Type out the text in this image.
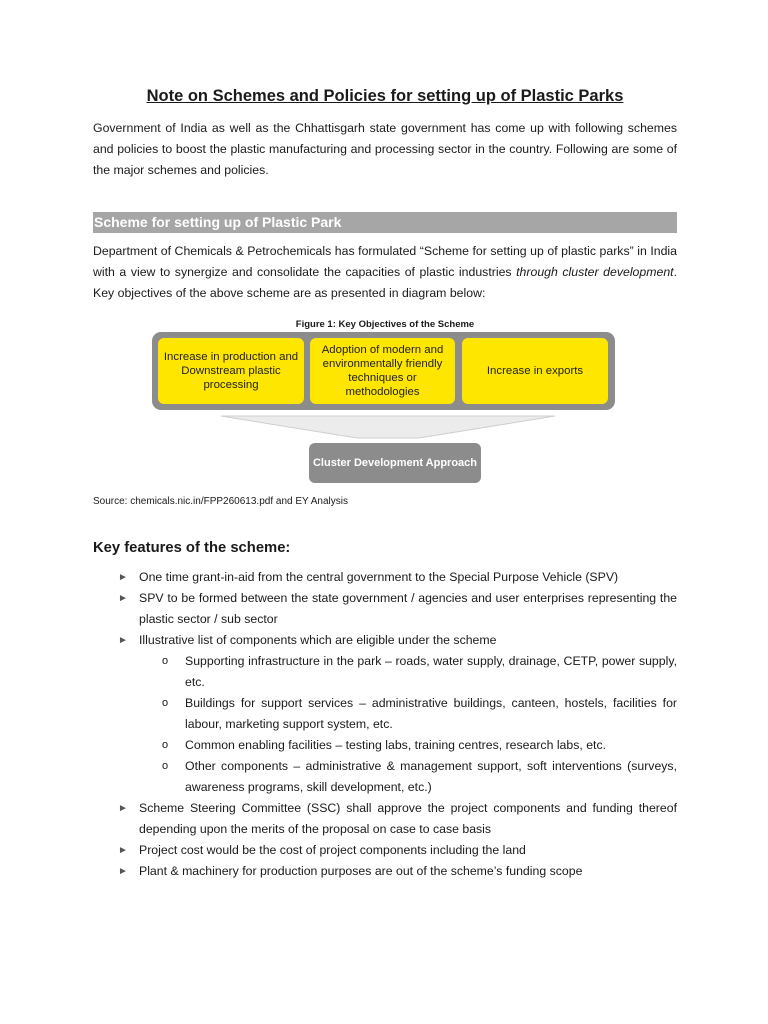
Note on Schemes and Policies for setting up of Plastic Parks

Government of India as well as the Chhattisgarh state government has come up with following schemes and policies to boost the plastic manufacturing and processing sector in the country. Following are some of the major schemes and policies.

Scheme for setting up of Plastic Park

Department of Chemicals & Petrochemicals has formulated “Scheme for setting up of plastic parks” in India with a view to synergize and consolidate the capacities of plastic industries through cluster development. Key objectives of the above scheme are as presented in diagram below:

Figure 1: Key Objectives of the Scheme
Increase in production and Downstream plastic processing
Adoption of modern and environmentally friendly techniques or methodologies
Increase in exports
Cluster Development Approach
Source: chemicals.nic.in/FPP260613.pdf and EY Analysis
Key features of the scheme:
► One time grant-in-aid from the central government to the Special Purpose Vehicle (SPV)
► SPV to be formed between the state government / agencies and user enterprises representing the plastic sector / sub sector
► Illustrative list of components which are eligible under the scheme
o Supporting infrastructure in the park – roads, water supply, drainage, CETP, power supply, etc.
o Buildings for support services – administrative buildings, canteen, hostels, facilities for labour, marketing support system, etc.
o Common enabling facilities – testing labs, training centres, research labs, etc.
o Other components – administrative & management support, soft interventions (surveys, awareness programs, skill development, etc.)
► Scheme Steering Committee (SSC) shall approve the project components and funding thereof depending upon the merits of the proposal on case to case basis
► Project cost would be the cost of project components including the land
► Plant & machinery for production purposes are out of the scheme’s funding scope
